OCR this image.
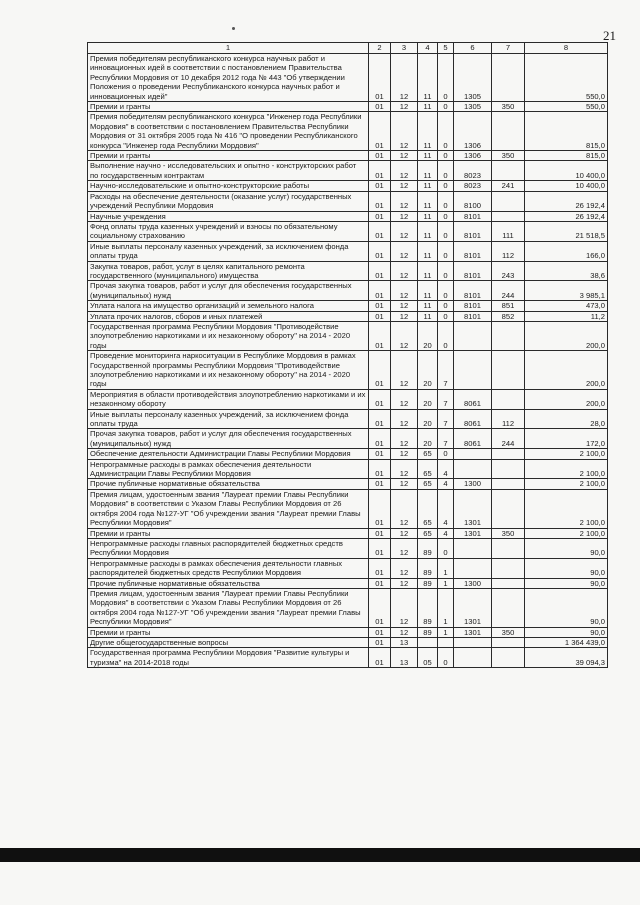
21
1	2	3	4	5	6	7	8
Премия победителям республиканского конкурса научных работ и инновационных идей в соответствии с постановлением Правительства Республики Мордовия от 10 декабря 2012 года № 443 "Об утверждении Положения о проведении Республиканского конкурса научных работ и инновационных идей"	01	12	11	0	1305		550,0
Премии и гранты	01	12	11	0	1305	350	550,0
Премия победителям республиканского конкурса "Инженер года Республики Мордовия" в соответствии с постановлением Правительства Республики Мордовия от 31 октября 2005 года № 416 "О проведении Республиканского конкурса "Инженер года Республики Мордовия"	01	12	11	0	1306		815,0
Премии и гранты	01	12	11	0	1306	350	815,0
Выполнение научно - исследовательских и опытно - конструкторских работ по государственным контрактам	01	12	11	0	8023		10 400,0
Научно-исследовательские и опытно-конструкторские работы	01	12	11	0	8023	241	10 400,0
Расходы на обеспечение деятельности (оказание услуг) государственных учреждений Республики Мордовия	01	12	11	0	8100		26 192,4
Научные учреждения	01	12	11	0	8101		26 192,4
Фонд оплаты труда казенных учреждений и взносы по обязательному социальному страхованию	01	12	11	0	8101	111	21 518,5
Иные выплаты персоналу казенных учреждений, за исключением фонда оплаты труда	01	12	11	0	8101	112	166,0
Закупка товаров, работ, услуг в целях капитального ремонта государственного (муниципального) имущества	01	12	11	0	8101	243	38,6
Прочая закупка товаров, работ и услуг для обеспечения государственных (муниципальных) нужд	01	12	11	0	8101	244	3 985,1
Уплата налога на имущество организаций и земельного налога	01	12	11	0	8101	851	473,0
Уплата прочих налогов, сборов и иных платежей	01	12	11	0	8101	852	11,2
Государственная программа Республики Мордовия "Противодействие злоупотреблению наркотиками и их незаконному обороту" на 2014 - 2020 годы	01	12	20	0			200,0
Проведение мониторинга наркоситуации в Республике Мордовия в рамках Государственной программы Республики Мордовия "Противодействие злоупотреблению наркотиками и их незаконному обороту" на 2014 - 2020 годы	01	12	20	7			200,0
Мероприятия в области противодействия злоупотреблению наркотиками и их незаконному обороту	01	12	20	7	8061		200,0
Иные выплаты персоналу казенных учреждений, за исключением фонда оплаты труда	01	12	20	7	8061	112	28,0
Прочая закупка товаров, работ и услуг для обеспечения государственных (муниципальных) нужд	01	12	20	7	8061	244	172,0
Обеспечение деятельности Администрации Главы Республики Мордовия	01	12	65	0			2 100,0
Непрограммные расходы в рамках обеспечения деятельности Администрации Главы Республики Мордовия	01	12	65	4			2 100,0
Прочие публичные нормативные обязательства	01	12	65	4	1300		2 100,0
Премия лицам, удостоенным звания "Лауреат премии Главы Республики Мордовия" в соответствии с Указом Главы Республики Мордовия от 26 октября 2004 года №127-УГ "Об учреждении звания "Лауреат премии Главы Республики Мордовия"	01	12	65	4	1301		2 100,0
Премии и гранты	01	12	65	4	1301	350	2 100,0
Непрограммные расходы главных распорядителей бюджетных средств Республики Мордовия	01	12	89	0			90,0
Непрограммные расходы в рамках обеспечения деятельности главных распорядителей бюджетных средств Республики Мордовия	01	12	89	1			90,0
Прочие публичные нормативные обязательства	01	12	89	1	1300		90,0
Премия лицам, удостоенным звания "Лауреат премии Главы Республики Мордовия" в соответствии с Указом Главы Республики Мордовия от 26 октября 2004 года №127-УГ "Об учреждении звания "Лауреат премии Главы Республики Мордовия"	01	12	89	1	1301		90,0
Премии и гранты	01	12	89	1	1301	350	90,0
Другие общегосударственные вопросы	01	13					1 364 439,0
Государственная программа Республики Мордовия "Развитие культуры и туризма" на 2014-2018 годы	01	13	05	0			39 094,3
